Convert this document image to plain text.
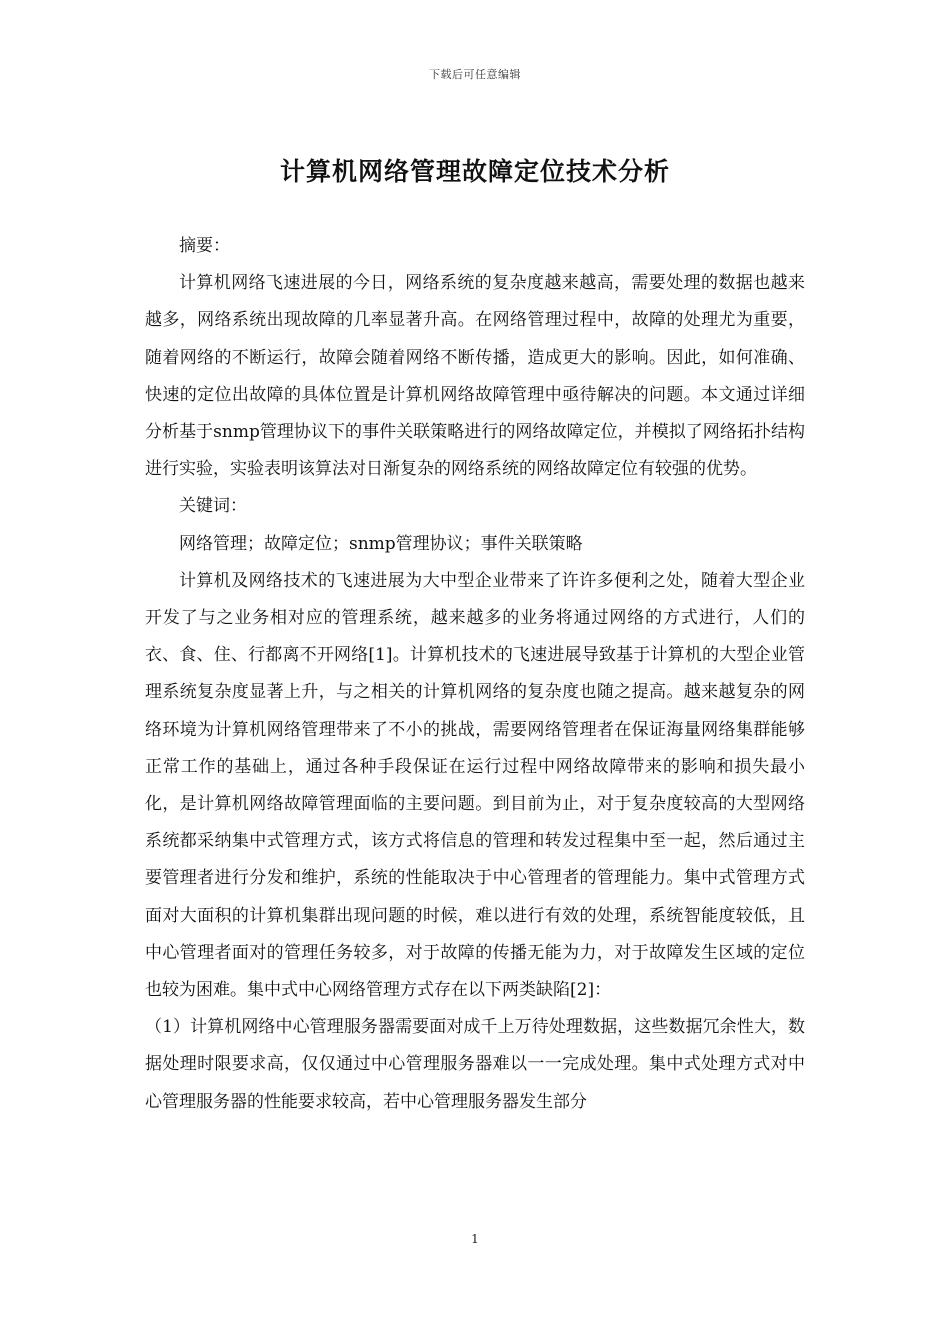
下载后可任意编辑
计算机网络管理故障定位技术分析

摘要：

计算机网络飞速进展的今日，网络系统的复杂度越来越高，需要处理的数据也越来越多，网络系统出现故障的几率显著升高。在网络管理过程中，故障的处理尤为重要，随着网络的不断运行，故障会随着网络不断传播，造成更大的影响。因此，如何准确、快速的定位出故障的具体位置是计算机网络故障管理中亟待解决的问题。本文通过详细分析基于snmp管理协议下的事件关联策略进行的网络故障定位，并模拟了网络拓扑结构进行实验，实验表明该算法对日渐复杂的网络系统的网络故障定位有较强的优势。

关键词：

网络管理；故障定位；snmp管理协议；事件关联策略

计算机及网络技术的飞速进展为大中型企业带来了许许多便利之处，随着大型企业开发了与之业务相对应的管理系统，越来越多的业务将通过网络的方式进行，人们的衣、食、住、行都离不开网络[1]。计算机技术的飞速进展导致基于计算机的大型企业管理系统复杂度显著上升，与之相关的计算机网络的复杂度也随之提高。越来越复杂的网络环境为计算机网络管理带来了不小的挑战，需要网络管理者在保证海量网络集群能够正常工作的基础上，通过各种手段保证在运行过程中网络故障带来的影响和损失最小化，是计算机网络故障管理面临的主要问题。到目前为止，对于复杂度较高的大型网络系统都采纳集中式管理方式，该方式将信息的管理和转发过程集中至一起，然后通过主要管理者进行分发和维护，系统的性能取决于中心管理者的管理能力。集中式管理方式面对大面积的计算机集群出现问题的时候，难以进行有效的处理，系统智能度较低，且中心管理者面对的管理任务较多，对于故障的传播无能为力，对于故障发生区域的定位也较为困难。集中式中心网络管理方式存在以下两类缺陷[2]：

（1）计算机网络中心管理服务器需要面对成千上万待处理数据，这些数据冗余性大，数据处理时限要求高，仅仅通过中心管理服务器难以一一完成处理。集中式处理方式对中心管理服务器的性能要求较高，若中心管理服务器发生部分

1
